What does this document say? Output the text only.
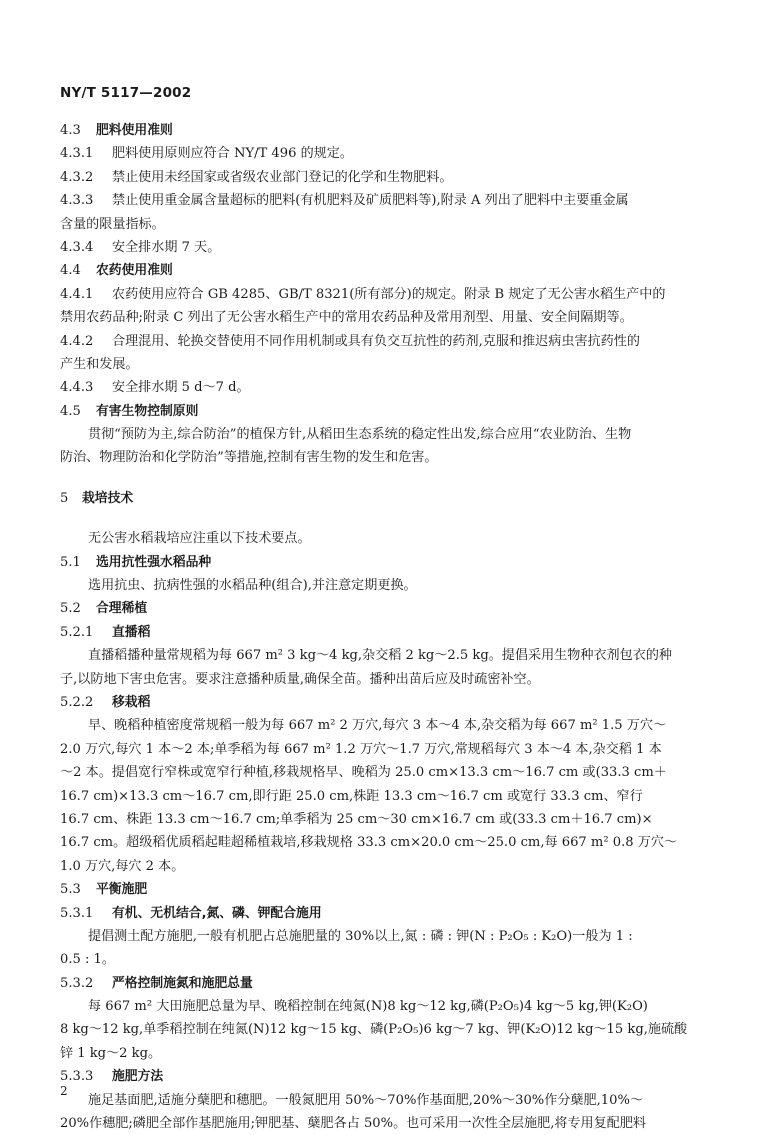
NY/T 5117—2002
4.3 肥料使用准则
4.3.1 肥料使用原则应符合 NY/T 496 的规定。
4.3.2 禁止使用未经国家或省级农业部门登记的化学和生物肥料。
4.3.3 禁止使用重金属含量超标的肥料(有机肥料及矿质肥料等),附录 A 列出了肥料中主要重金属
含量的限量指标。
4.3.4 安全排水期 7 天。
4.4 农药使用准则
4.4.1 农药使用应符合 GB 4285、GB/T 8321(所有部分)的规定。附录 B 规定了无公害水稻生产中的
禁用农药品种;附录 C 列出了无公害水稻生产中的常用农药品种及常用剂型、用量、安全间隔期等。
4.4.2 合理混用、轮换交替使用不同作用机制或具有负交互抗性的药剂,克服和推迟病虫害抗药性的
产生和发展。
4.4.3 安全排水期 5 d～7 d。
4.5 有害生物控制原则
贯彻“预防为主,综合防治”的植保方针,从稻田生态系统的稳定性出发,综合应用“农业防治、生物
防治、物理防治和化学防治”等措施,控制有害生物的发生和危害。
5 栽培技术
无公害水稻栽培应注重以下技术要点。
5.1 选用抗性强水稻品种
选用抗虫、抗病性强的水稻品种(组合),并注意定期更换。
5.2 合理稀植
5.2.1 直播稻
直播稻播种量常规稻为每 667 m² 3 kg～4 kg,杂交稻 2 kg～2.5 kg。提倡采用生物种衣剂包衣的种
子,以防地下害虫危害。要求注意播种质量,确保全苗。播种出苗后应及时疏密补空。
5.2.2 移栽稻
早、晚稻种植密度常规稻一般为每 667 m² 2 万穴,每穴 3 本～4 本,杂交稻为每 667 m² 1.5 万穴～
2.0 万穴,每穴 1 本～2 本;单季稻为每 667 m² 1.2 万穴～1.7 万穴,常规稻每穴 3 本～4 本,杂交稻 1 本
～2 本。提倡宽行窄株或宽窄行种植,移栽规格早、晚稻为 25.0 cm×13.3 cm～16.7 cm 或(33.3 cm＋
16.7 cm)×13.3 cm～16.7 cm,即行距 25.0 cm,株距 13.3 cm～16.7 cm 或宽行 33.3 cm、窄行
16.7 cm、株距 13.3 cm～16.7 cm;单季稻为 25 cm～30 cm×16.7 cm 或(33.3 cm＋16.7 cm)×
16.7 cm。超级稻优质稻起畦超稀植栽培,移栽规格 33.3 cm×20.0 cm～25.0 cm,每 667 m² 0.8 万穴～
1.0 万穴,每穴 2 本。
5.3 平衡施肥
5.3.1 有机、无机结合,氮、磷、钾配合施用
提倡测土配方施肥,一般有机肥占总施肥量的 30%以上,氮 : 磷 : 钾(N : P₂O₅ : K₂O)一般为 1 :
0.5 : 1。
5.3.2 严格控制施氮和施肥总量
每 667 m² 大田施肥总量为早、晚稻控制在纯氮(N)8 kg～12 kg,磷(P₂O₅)4 kg～5 kg,钾(K₂O)
8 kg～12 kg,单季稻控制在纯氮(N)12 kg～15 kg、磷(P₂O₅)6 kg～7 kg、钾(K₂O)12 kg～15 kg,施硫酸
锌 1 kg～2 kg。
5.3.3 施肥方法
施足基面肥,适施分蘖肥和穗肥。一般氮肥用 50%～70%作基面肥,20%～30%作分蘖肥,10%～
20%作穗肥;磷肥全部作基肥施用;钾肥基、蘖肥各占 50%。也可采用一次性全层施肥,将专用复配肥料
2
